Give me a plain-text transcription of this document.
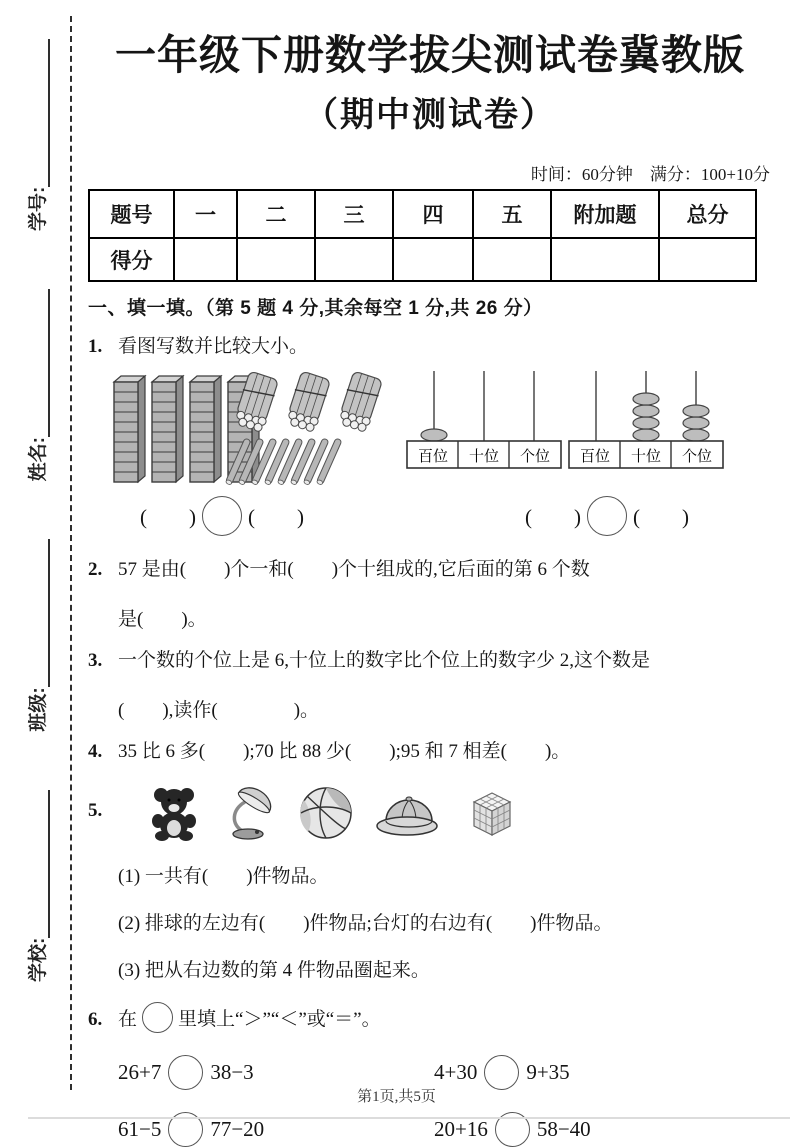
学校:
班级:
姓名:
学号:
一年级下册数学拔尖测试卷冀教版
（期中测试卷）
时间：60分钟　满分：100+10分
题号	一	二	三	四	五	附加题	总分
得分							
一、填一填。（第 5 题 4 分,其余每空 1 分,共 26 分）
1. 看图写数并比较大小。
百位 十位 个位 百位 十位 个位
(　　) (　　)	(　　) (　　)
2. 57 是由(　　)个一和(　　)个十组成的,它后面的第 6 个数
是(　　)。
3. 一个数的个位上是 6,十位上的数字比个位上的数字少 2,这个数是
(　　),读作(　　　　)。
4. 35 比 6 多(　　);70 比 88 少(　　);95 和 7 相差(　　)。
5.
(1) 一共有(　　)件物品。
(2) 排球的左边有(　　)件物品;台灯的右边有(　　)件物品。
(3) 把从右边数的第 4 件物品圈起来。
6. 在 里填上“＞”“＜”或“＝”。
26+7 38−3	4+30 9+35
61−5 77−20	20+16 58−40
第1页,共5页
